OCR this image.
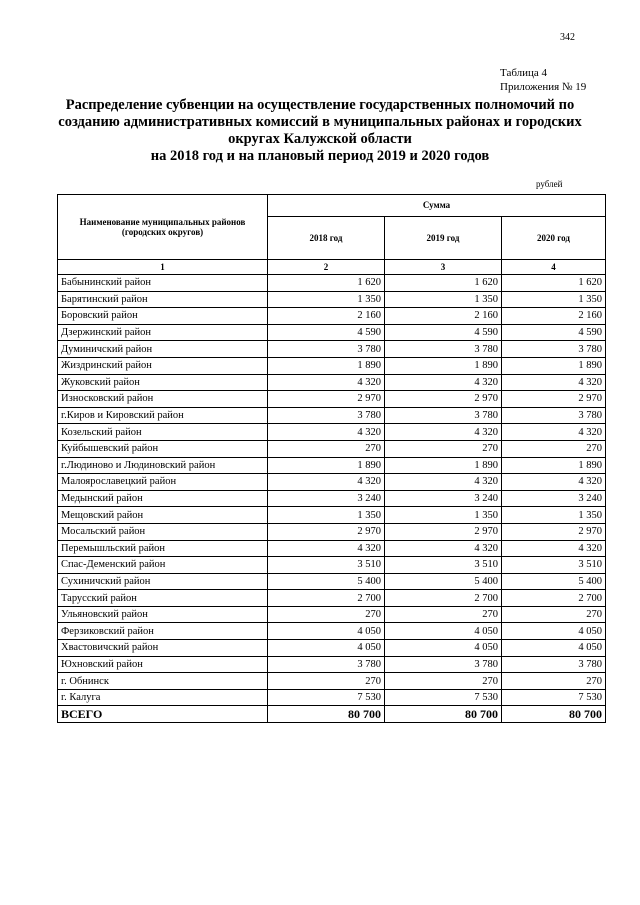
342
Таблица 4
Приложения № 19
Распределение субвенции на осуществление государственных полномочий по
созданию административных комиссий в муниципальных районах и городских
округах Калужской области
на 2018 год и на плановый период 2019 и 2020 годов
рублей
Наименование муниципальных районов (городских округов)	Сумма		
	2018 год	2019 год	2020 год
1	2	3	4
Бабынинский район	1 620	1 620	1 620
Барятинский район	1 350	1 350	1 350
Боровский район	2 160	2 160	2 160
Дзержинский район	4 590	4 590	4 590
Думиничский район	3 780	3 780	3 780
Жиздринский район	1 890	1 890	1 890
Жуковский район	4 320	4 320	4 320
Износковский район	2 970	2 970	2 970
г.Киров и Кировский район	3 780	3 780	3 780
Козельский район	4 320	4 320	4 320
Куйбышевский район	270	270	270
г.Людиново и Людиновский район	1 890	1 890	1 890
Малоярославецкий район	4 320	4 320	4 320
Медынский район	3 240	3 240	3 240
Мещовский район	1 350	1 350	1 350
Мосальский район	2 970	2 970	2 970
Перемышльский район	4 320	4 320	4 320
Спас-Деменский район	3 510	3 510	3 510
Сухиничский район	5 400	5 400	5 400
Тарусский район	2 700	2 700	2 700
Ульяновский район	270	270	270
Ферзиковский район	4 050	4 050	4 050
Хвастовичский район	4 050	4 050	4 050
Юхновский район	3 780	3 780	3 780
г. Обнинск	270	270	270
г. Калуга	7 530	7 530	7 530
ВСЕГО	80 700	80 700	80 700
